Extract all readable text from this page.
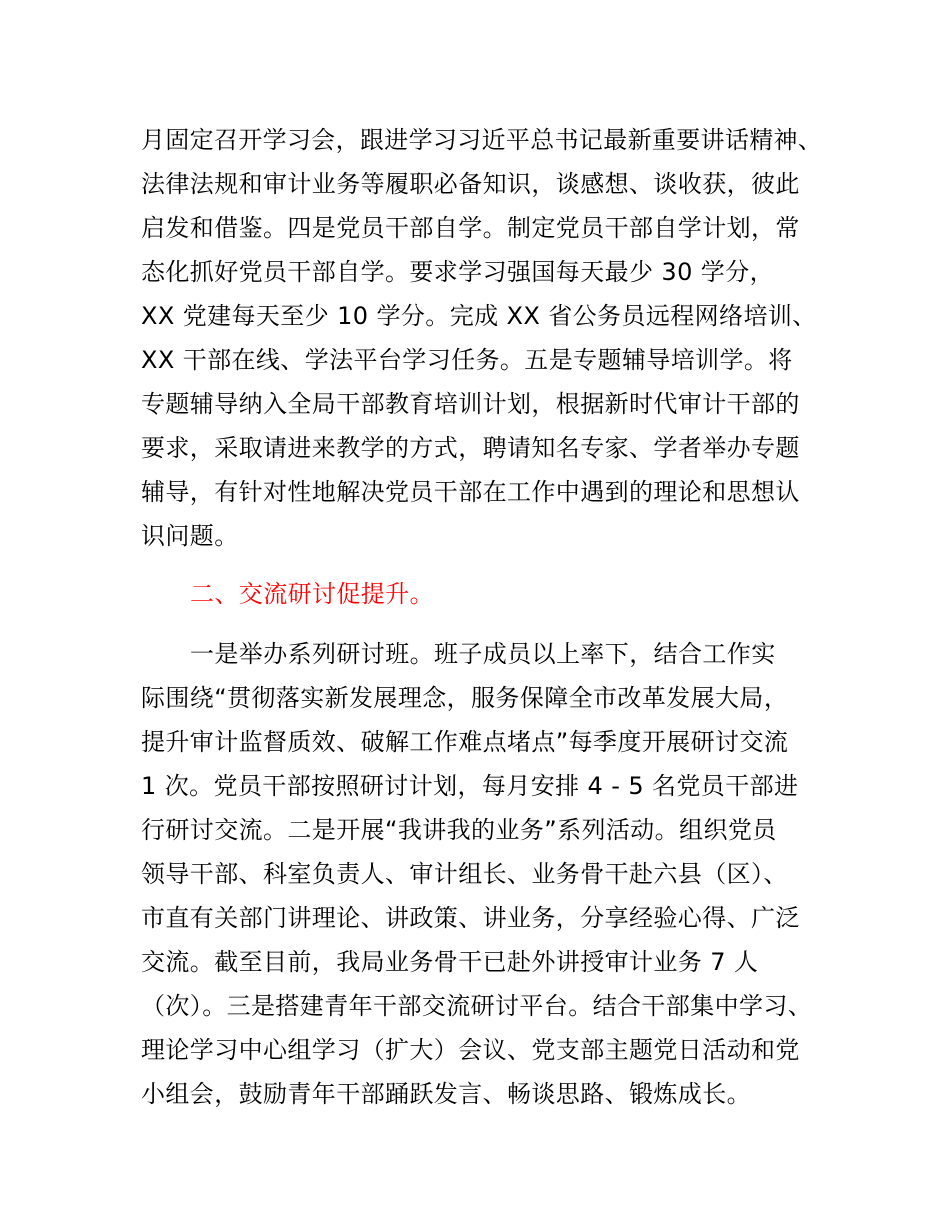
月固定召开学习会，跟进学习习近平总书记最新重要讲话精神、
法律法规和审计业务等履职必备知识，谈感想、谈收获，彼此
启发和借鉴。四是党员干部自学。制定党员干部自学计划，常
态化抓好党员干部自学。要求学习强国每天最少 30 学分，
XX 党建每天至少 10 学分。完成 XX 省公务员远程网络培训、
XX 干部在线、学法平台学习任务。五是专题辅导培训学。将
专题辅导纳入全局干部教育培训计划，根据新时代审计干部的
要求，采取请进来教学的方式，聘请知名专家、学者举办专题
辅导，有针对性地解决党员干部在工作中遇到的理论和思想认
识问题。
二、交流研讨促提升。
一是举办系列研讨班。班子成员以上率下，结合工作实
际围绕“贯彻落实新发展理念，服务保障全市改革发展大局，
提升审计监督质效、破解工作难点堵点”每季度开展研讨交流
1 次。党员干部按照研讨计划，每月安排 4 - 5 名党员干部进
行研讨交流。二是开展“我讲我的业务”系列活动。组织党员
领导干部、科室负责人、审计组长、业务骨干赴六县（区）、
市直有关部门讲理论、讲政策、讲业务，分享经验心得、广泛
交流。截至目前，我局业务骨干已赴外讲授审计业务 7 人
（次）。三是搭建青年干部交流研讨平台。结合干部集中学习、
理论学习中心组学习（扩大）会议、党支部主题党日活动和党
小组会，鼓励青年干部踊跃发言、畅谈思路、锻炼成长。
